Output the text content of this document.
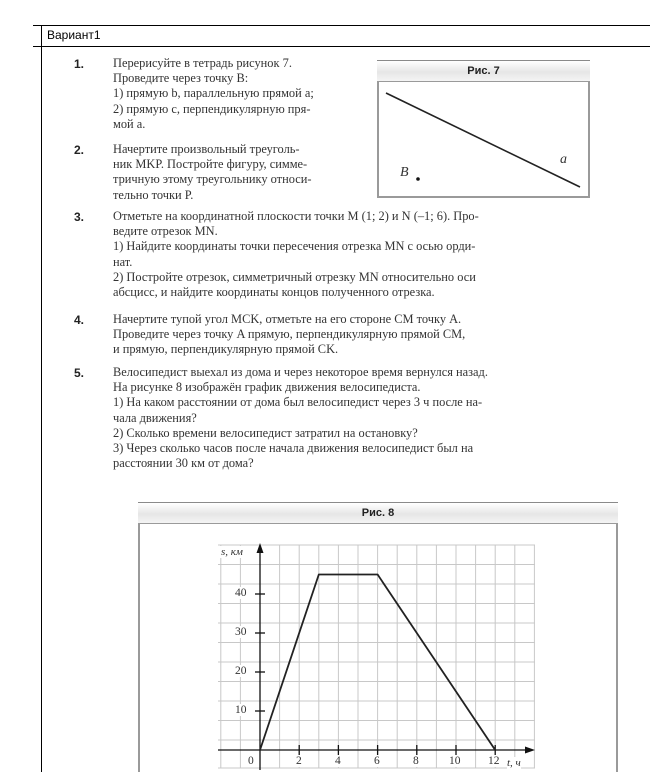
Вариант1
1. Перерисуйте в тетрадь рисунок 7.

Проведите через точку B:

1) прямую b, параллельную прямой a;

2) прямую c, перпендикулярную пря-

мой a.

2. Начертите произвольный треуголь-

ник MKP. Постройте фигуру, симме-

тричную этому треугольнику относи-

тельно точки P.

Рис. 7
a
B
3. Отметьте на координатной плоскости точки M (1; 2) и N (–1; 6). Про-

ведите отрезок MN.

1) Найдите координаты точки пересечения отрезка MN с осью орди-

нат.

2) Постройте отрезок, симметричный отрезку MN относительно оси

абсцисс, и найдите координаты концов полученного отрезка.

4. Начертите тупой угол MCK, отметьте на его стороне CM точку A.

Проведите через точку A прямую, перпендикулярную прямой CM,

и прямую, перпендикулярную прямой CK.

5. Велосипедист выехал из дома и через некоторое время вернулся назад.

На рисунке 8 изображён график движения велосипедиста.

1) На каком расстоянии от дома был велосипедист через 3 ч после на-

чала движения?

2) Сколько времени велосипедист затратил на остановку?

3) Через сколько часов после начала движения велосипедист был на

расстоянии 30 км от дома?

Рис. 8
s, км
t, ч
0	2	4	6	8	10 12
10
20
30
40
